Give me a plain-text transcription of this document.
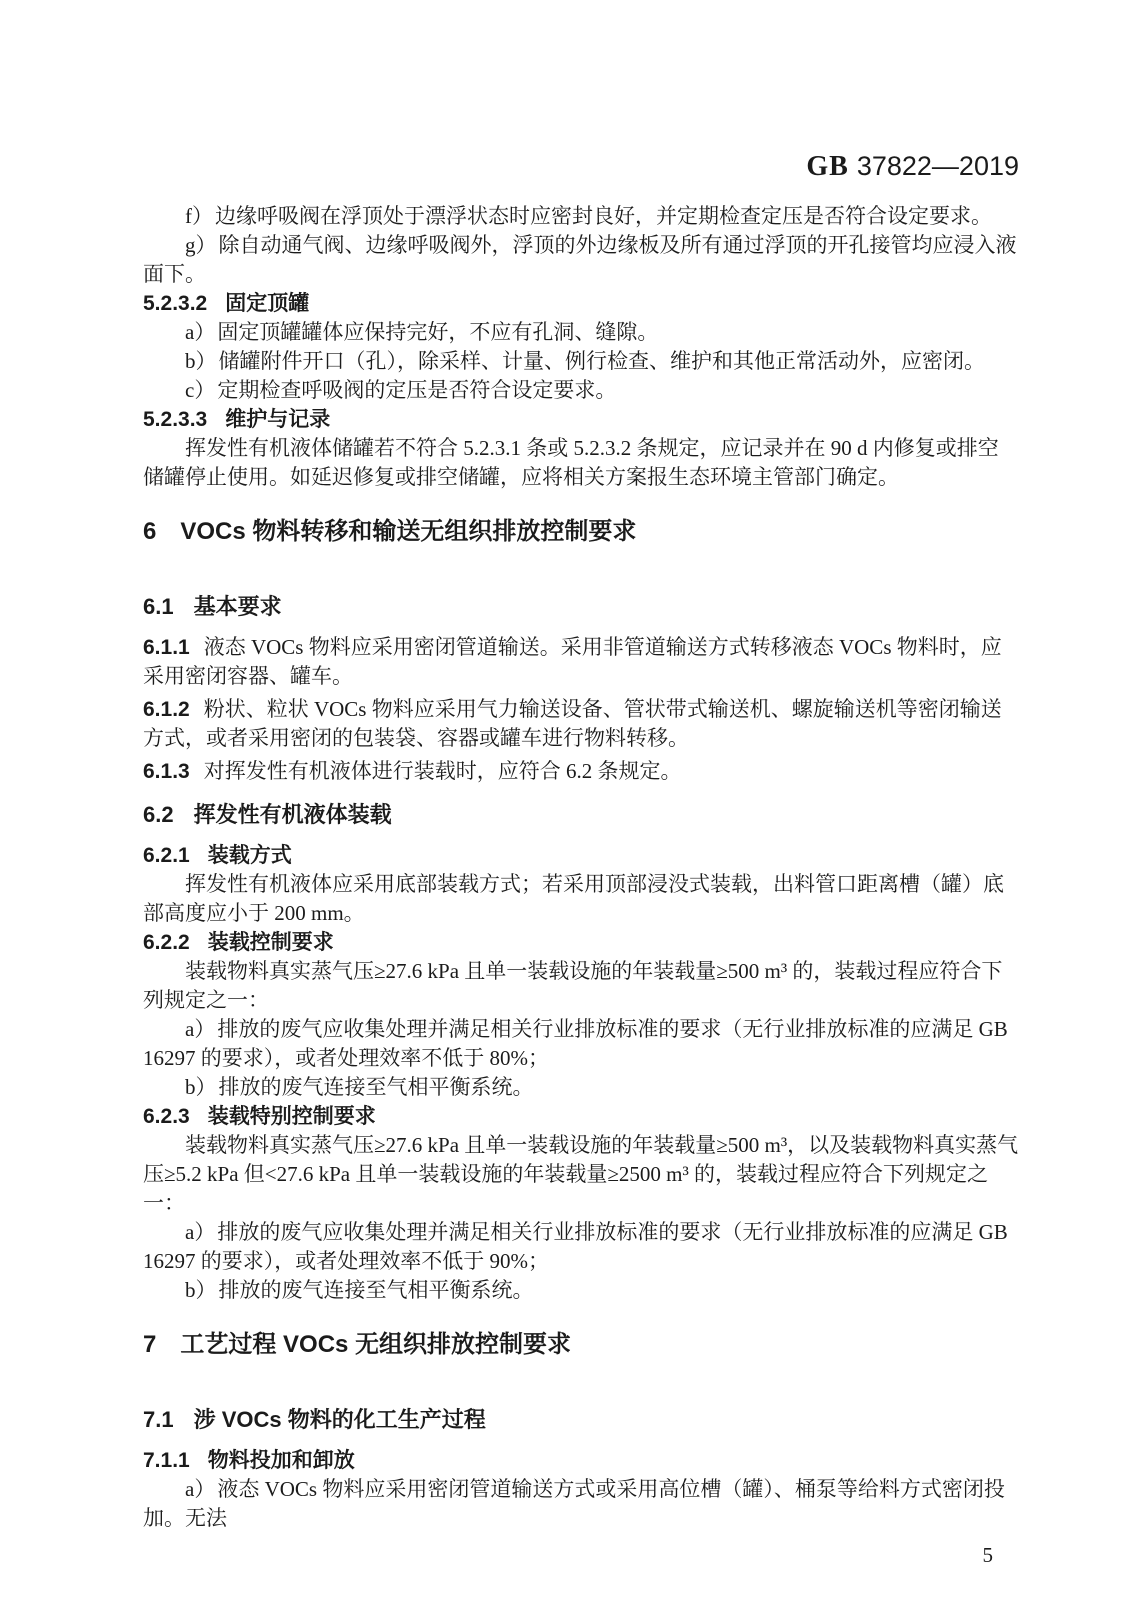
GB 37822—2019

f）边缘呼吸阀在浮顶处于漂浮状态时应密封良好，并定期检查定压是否符合设定要求。

g）除自动通气阀、边缘呼吸阀外，浮顶的外边缘板及所有通过浮顶的开孔接管均应浸入液面下。

5.2.3.2 固定顶罐

a）固定顶罐罐体应保持完好，不应有孔洞、缝隙。

b）储罐附件开口（孔），除采样、计量、例行检查、维护和其他正常活动外，应密闭。

c）定期检查呼吸阀的定压是否符合设定要求。

5.2.3.3 维护与记录

挥发性有机液体储罐若不符合 5.2.3.1 条或 5.2.3.2 条规定，应记录并在 90 d 内修复或排空储罐停止使用。如延迟修复或排空储罐，应将相关方案报生态环境主管部门确定。

6 VOCs 物料转移和输送无组织排放控制要求
6.1 基本要求

6.1.1 液态 VOCs 物料应采用密闭管道输送。采用非管道输送方式转移液态 VOCs 物料时，应采用密闭容器、罐车。

6.1.2 粉状、粒状 VOCs 物料应采用气力输送设备、管状带式输送机、螺旋输送机等密闭输送方式，或者采用密闭的包装袋、容器或罐车进行物料转移。

6.1.3 对挥发性有机液体进行装载时，应符合 6.2 条规定。

6.2 挥发性有机液体装载

6.2.1 装载方式

挥发性有机液体应采用底部装载方式；若采用顶部浸没式装载，出料管口距离槽（罐）底部高度应小于 200 mm。

6.2.2 装载控制要求

装载物料真实蒸气压≥27.6 kPa 且单一装载设施的年装载量≥500 m³ 的，装载过程应符合下列规定之一：

a）排放的废气应收集处理并满足相关行业排放标准的要求（无行业排放标准的应满足 GB 16297 的要求），或者处理效率不低于 80%；

b）排放的废气连接至气相平衡系统。

6.2.3 装载特别控制要求

装载物料真实蒸气压≥27.6 kPa 且单一装载设施的年装载量≥500 m³，以及装载物料真实蒸气压≥5.2 kPa 但<27.6 kPa 且单一装载设施的年装载量≥2500 m³ 的，装载过程应符合下列规定之一：

a）排放的废气应收集处理并满足相关行业排放标准的要求（无行业排放标准的应满足 GB 16297 的要求），或者处理效率不低于 90%；

b）排放的废气连接至气相平衡系统。

7 工艺过程 VOCs 无组织排放控制要求
7.1 涉 VOCs 物料的化工生产过程

7.1.1 物料投加和卸放

a）液态 VOCs 物料应采用密闭管道输送方式或采用高位槽（罐）、桶泵等给料方式密闭投加。无法

5
